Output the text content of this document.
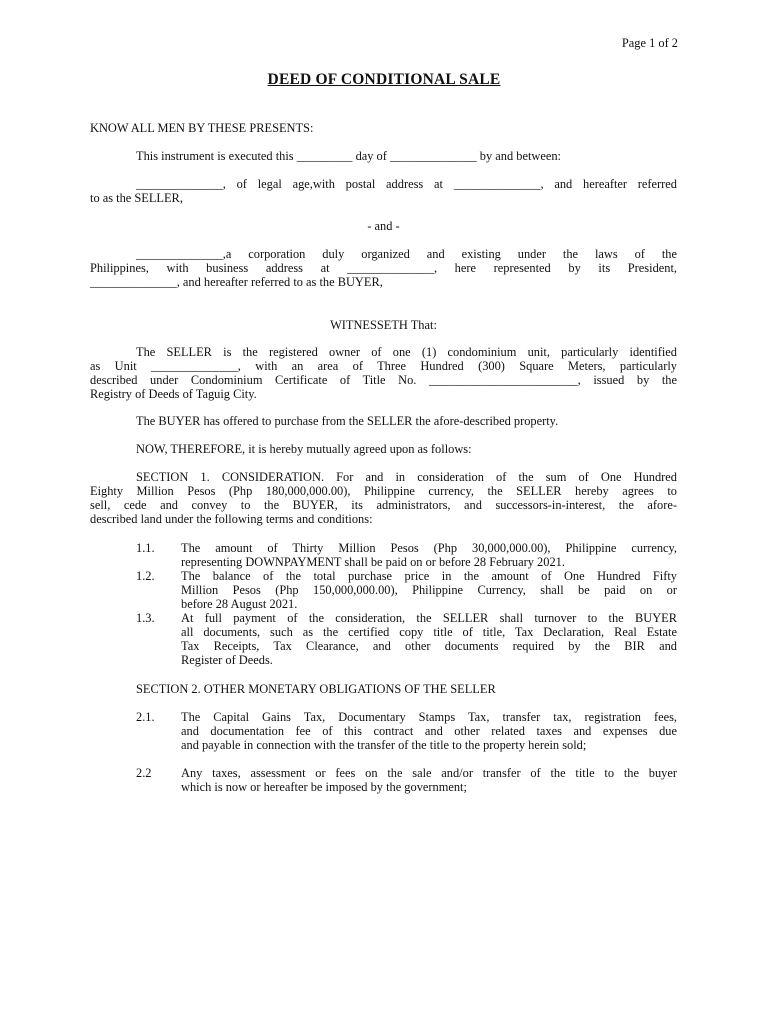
Page 1 of 2
DEED OF CONDITIONAL SALE
KNOW ALL MEN BY THESE PRESENTS:
This instrument is executed this _________ day of ______________ by and between:
______________, of legal age,with postal address at ______________, and hereafter referred
to as the SELLER,
- and -
______________,a corporation duly organized and existing under the laws of the
Philippines, with business address at ______________, here represented by its President,
______________, and hereafter referred to as the BUYER,
WITNESSETH That:
The SELLER is the registered owner of one (1) condominium unit, particularly identified
as Unit ______________, with an area of Three Hundred (300) Square Meters, particularly
described under Condominium Certificate of Title No. ________________________, issued by the
Registry of Deeds of Taguig City.
The BUYER has offered to purchase from the SELLER the afore-described property.
NOW, THEREFORE, it is hereby mutually agreed upon as follows:
SECTION 1. CONSIDERATION. For and in consideration of the sum of One Hundred
Eighty Million Pesos (Php 180,000,000.00), Philippine currency, the SELLER hereby agrees to
sell, cede and convey to the BUYER, its administrators, and successors-in-interest, the afore-
described land under the following terms and conditions:
1.1.	The amount of Thirty Million Pesos (Php 30,000,000.00), Philippine currency,
representing DOWNPAYMENT shall be paid on or before 28 February 2021.
1.2.	The balance of the total purchase price in the amount of One Hundred Fifty
Million Pesos (Php 150,000,000.00), Philippine Currency, shall be paid on or
before 28 August 2021.
1.3.	At full payment of the consideration, the SELLER shall turnover to the BUYER
all documents, such as the certified copy title of title, Tax Declaration, Real Estate
Tax Receipts, Tax Clearance, and other documents required by the BIR and
Register of Deeds.
SECTION 2. OTHER MONETARY OBLIGATIONS OF THE SELLER
2.1.	The Capital Gains Tax, Documentary Stamps Tax, transfer tax, registration fees,
and documentation fee of this contract and other related taxes and expenses due
and payable in connection with the transfer of the title to the property herein sold;
2.2	Any taxes, assessment or fees on the sale and/or transfer of the title to the buyer
which is now or hereafter be imposed by the government;
